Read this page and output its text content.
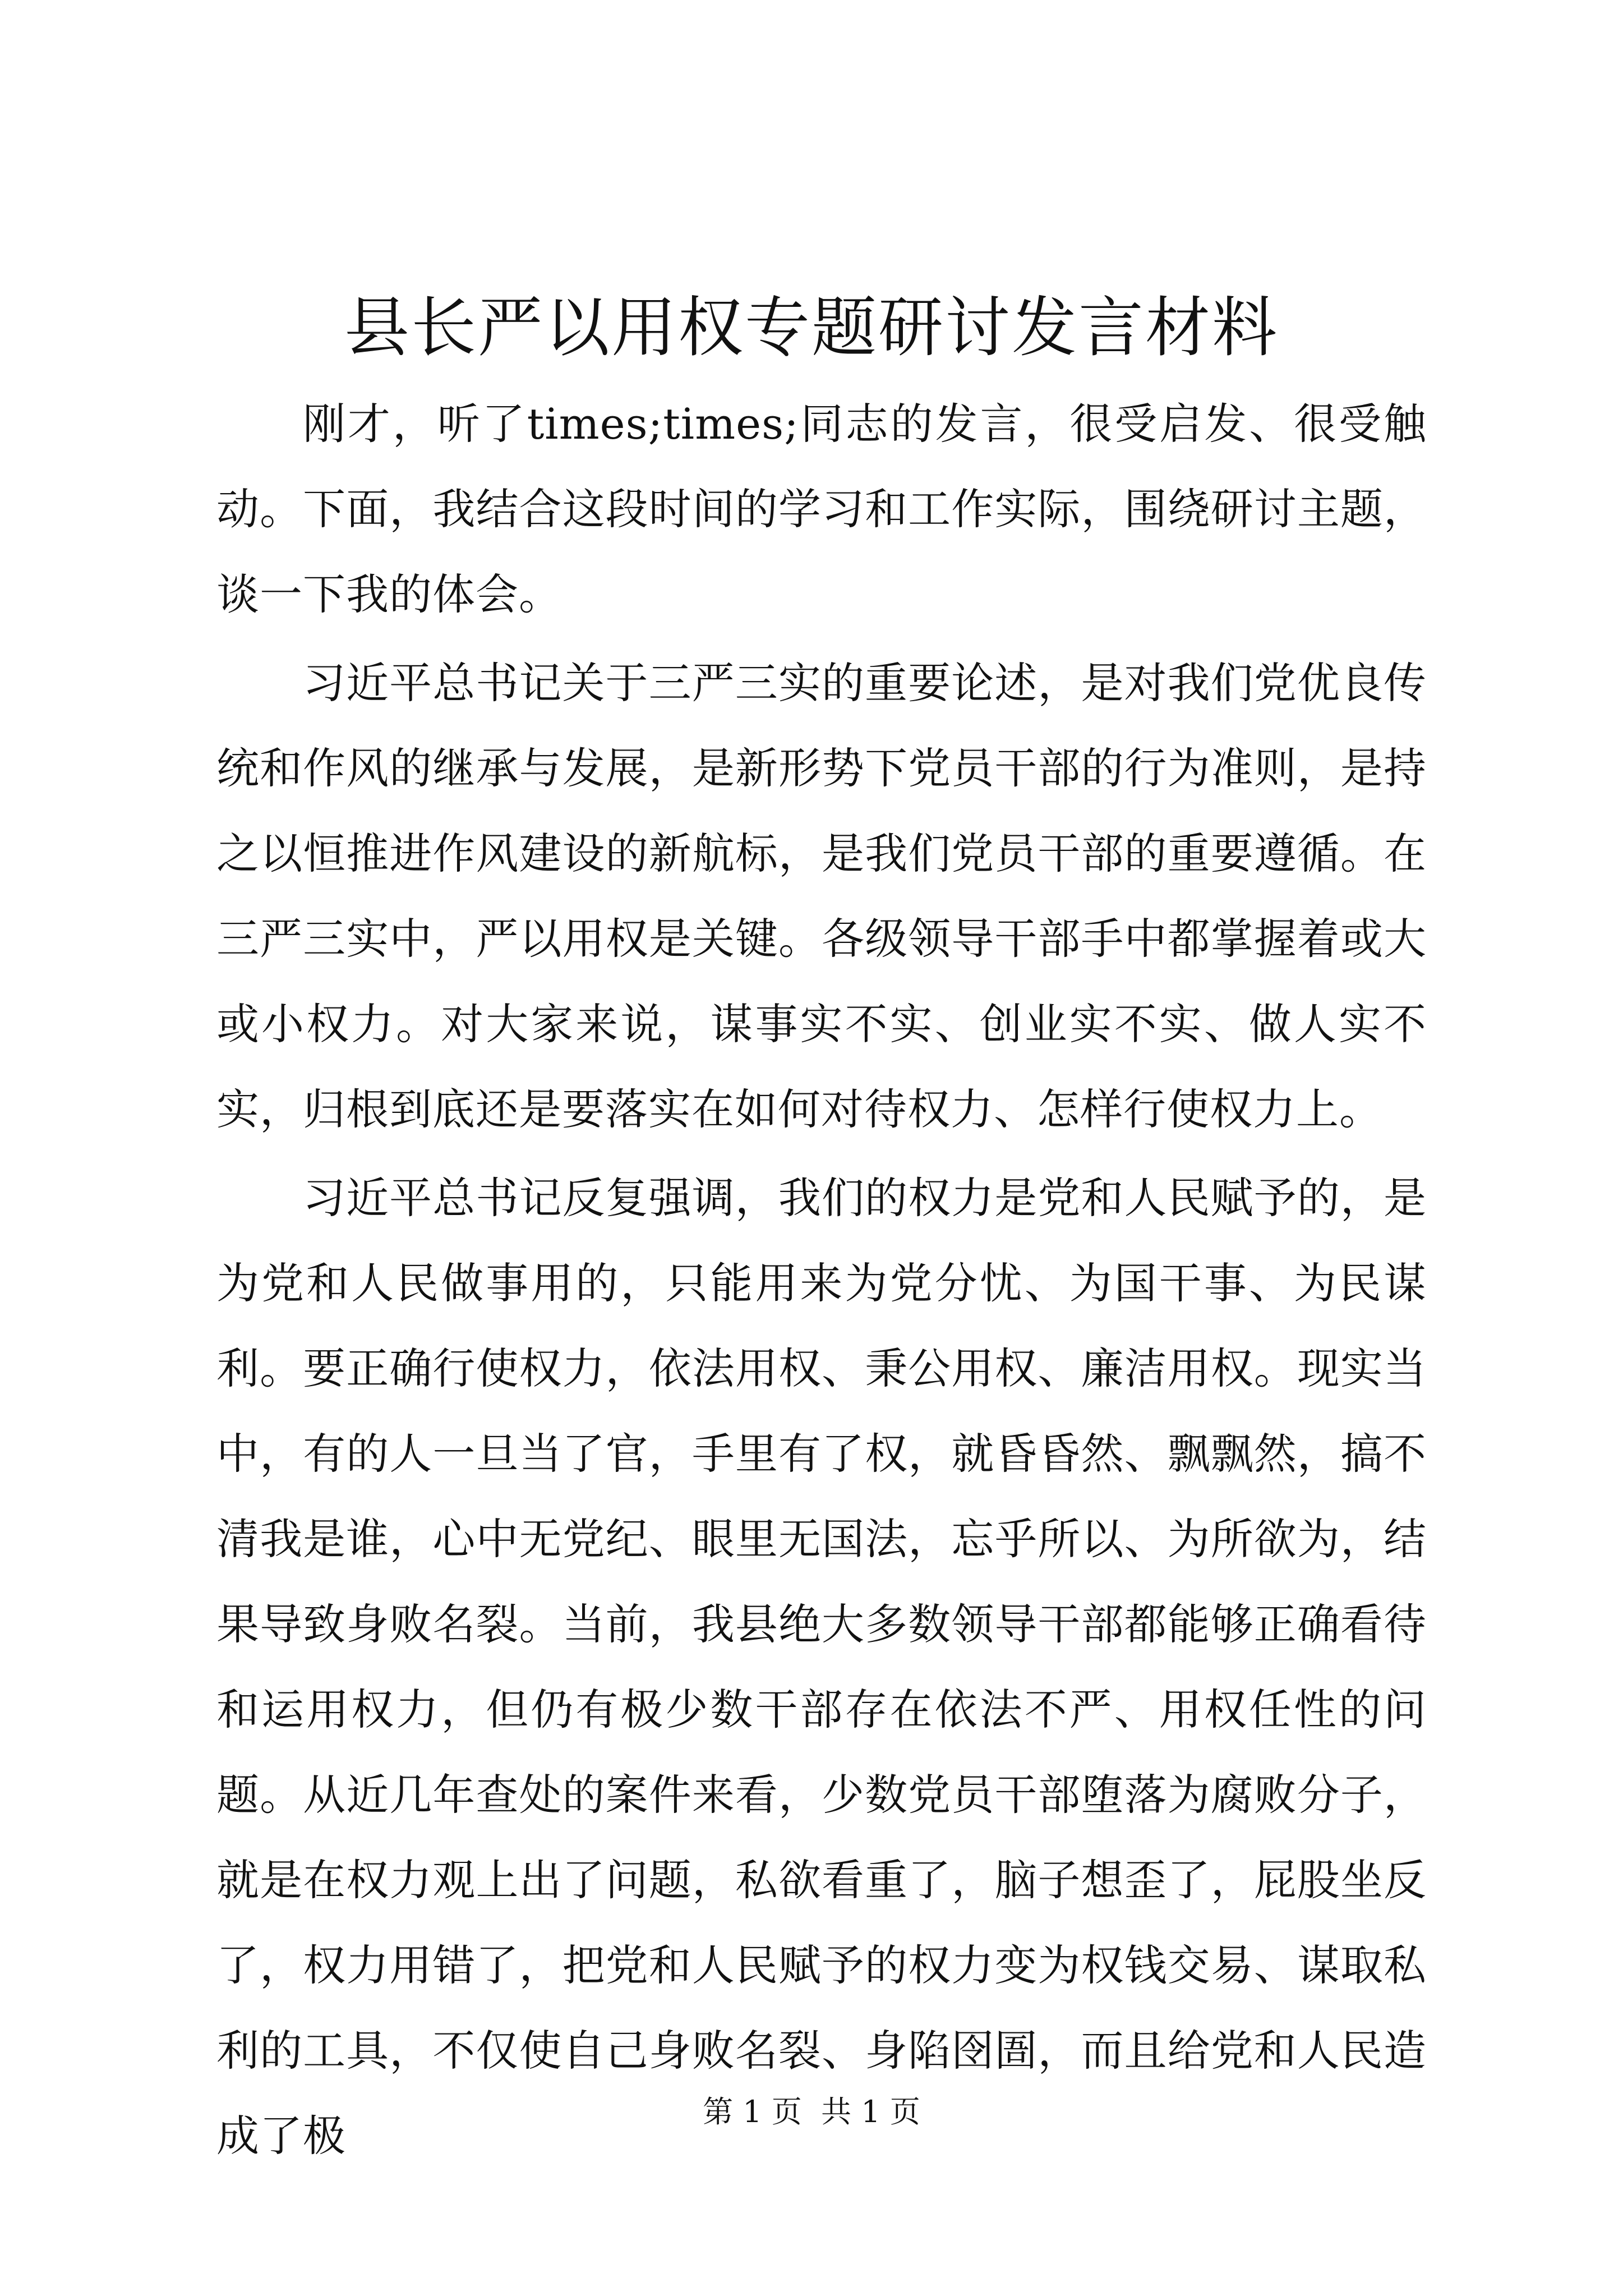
县长严以用权专题研讨发言材料

刚才，听了times;times;同志的发言，很受启发、很受触动。下面，我结合这段时间的学习和工作实际，围绕研讨主题，谈一下我的体会。

习近平总书记关于三严三实的重要论述，是对我们党优良传统和作风的继承与发展，是新形势下党员干部的行为准则，是持之以恒推进作风建设的新航标，是我们党员干部的重要遵循。在三严三实中，严以用权是关键。各级领导干部手中都掌握着或大或小权力。对大家来说，谋事实不实、创业实不实、做人实不实，归根到底还是要落实在如何对待权力、怎样行使权力上。

习近平总书记反复强调，我们的权力是党和人民赋予的，是为党和人民做事用的，只能用来为党分忧、为国干事、为民谋利。要正确行使权力，依法用权、秉公用权、廉洁用权。现实当中，有的人一旦当了官，手里有了权，就昏昏然、飘飘然，搞不清我是谁，心中无党纪、眼里无国法，忘乎所以、为所欲为，结果导致身败名裂。当前，我县绝大多数领导干部都能够正确看待和运用权力，但仍有极少数干部存在依法不严、用权任性的问题。从近几年查处的案件来看，少数党员干部堕落为腐败分子，就是在权力观上出了问题，私欲看重了，脑子想歪了，屁股坐反了，权力用错了，把党和人民赋予的权力变为权钱交易、谋取私利的工具，不仅使自己身败名裂、身陷囹圄，而且给党和人民造成了极	第 1 页  共 1 页
